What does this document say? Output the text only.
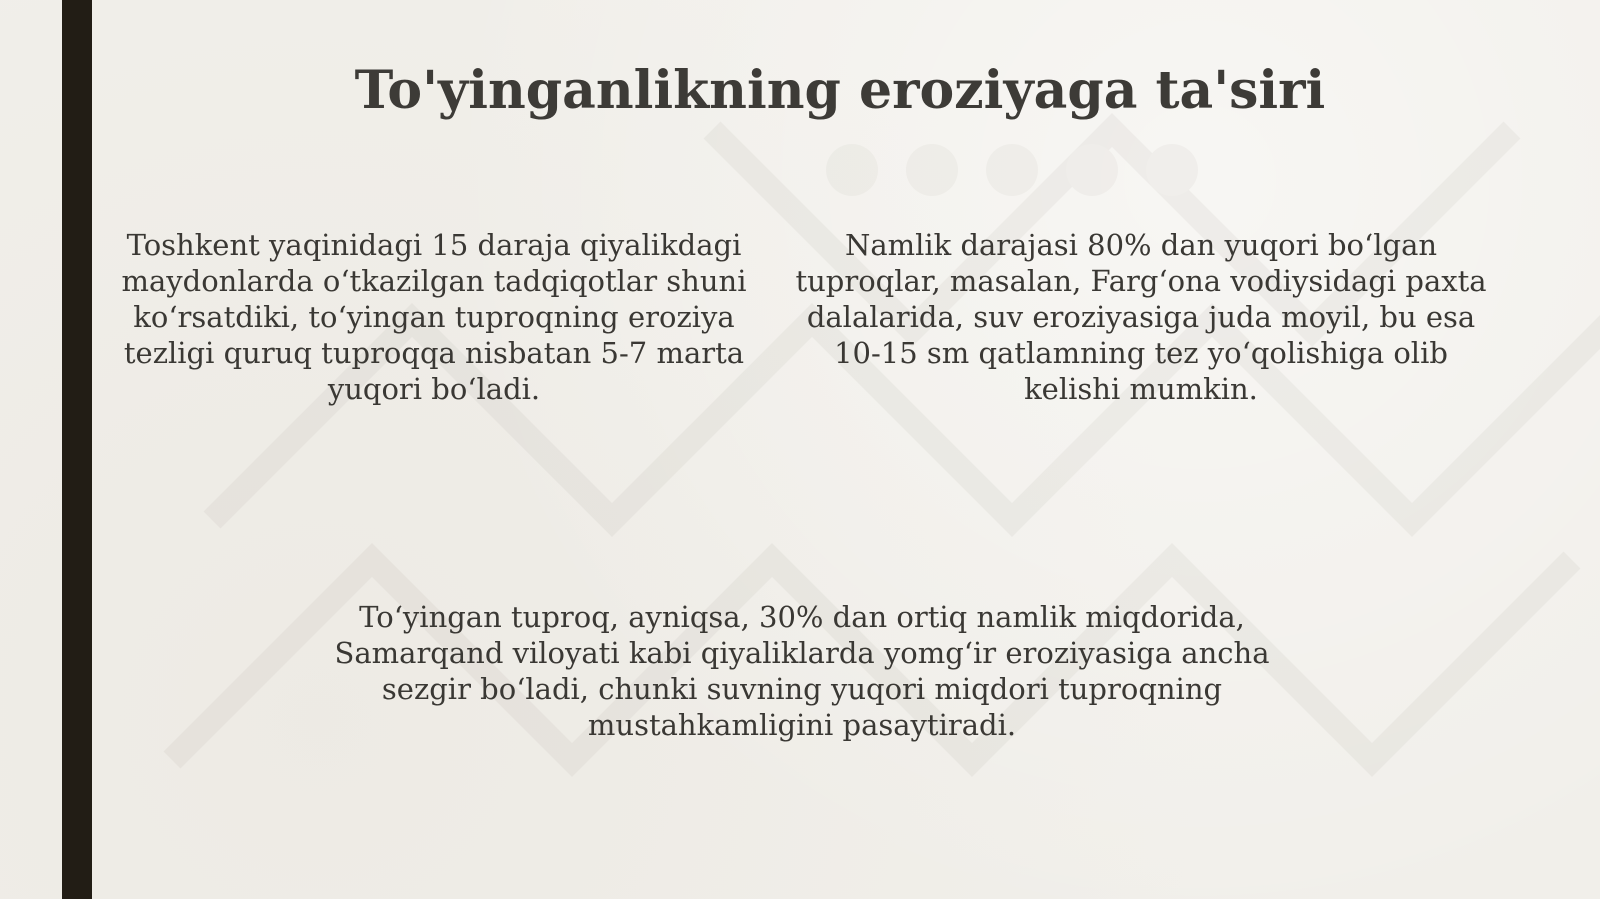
To'yinganlikning eroziyaga ta'siri

Toshkent yaqinidagi 15 daraja qiyalikdagi maydonlarda o‘tkazilgan tadqiqotlar shuni ko‘rsatdiki, to‘yingan tuproqning eroziya tezligi quruq tuproqqa nisbatan 5-7 marta yuqori bo‘ladi.

Namlik darajasi 80% dan yuqori bo‘lgan tuproqlar, masalan, Farg‘ona vodiysidagi paxta dalalarida, suv eroziyasiga juda moyil, bu esa 10-15 sm qatlamning tez yo‘qolishiga olib kelishi mumkin.

To‘yingan tuproq, ayniqsa, 30% dan ortiq namlik miqdorida, Samarqand viloyati kabi qiyaliklarda yomg‘ir eroziyasiga ancha sezgir bo‘ladi, chunki suvning yuqori miqdori tuproqning mustahkamligini pasaytiradi.
